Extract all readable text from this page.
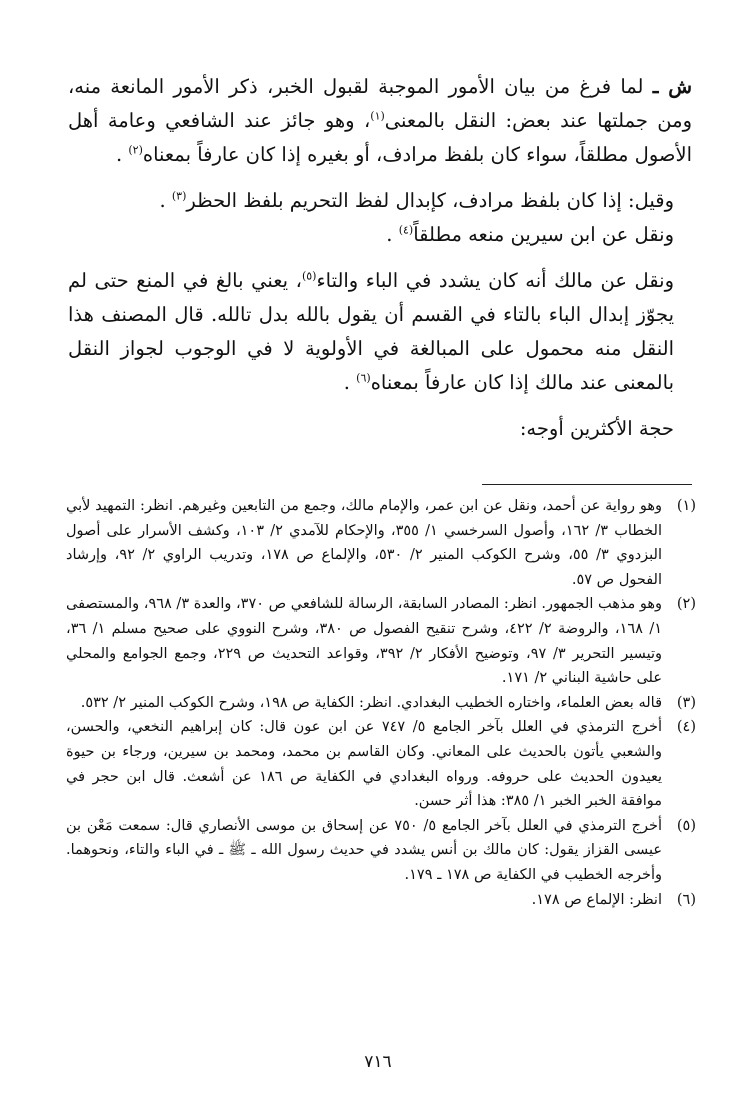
ش ـ لما فرغ من بيان الأمور الموجبة لقبول الخبر، ذكر الأمور المانعة منه، ومن جملتها عند بعض: النقل بالمعنى$^{(١)}$، وهو جائز عند الشافعي وعامة أهل الأصول مطلقاً، سواء كان بلفظ مرادف، أو بغيره إذا كان عارفاً بمعناه$^{(٢)}$ .

وقيل: إذا كان بلفظ مرادف، كإبدال لفظ التحريم بلفظ الحظر$^{(٣)}$ .

ونقل عن ابن سيرين منعه مطلقاً$^{(٤)}$ .

ونقل عن مالك أنه كان يشدد في الباء والتاء$^{(٥)}$، يعني بالغ في المنع حتى لم يجوّز إبدال الباء بالتاء في القسم أن يقول بالله بدل تالله. قال المصنف هذا النقل منه محمول على المبالغة في الأولوية لا في الوجوب لجواز النقل بالمعنى عند مالك إذا كان عارفاً بمعناه$^{(٦)}$ .

حجة الأكثرين أوجه:

(١)
وهو رواية عن أحمد، ونقل عن ابن عمر، والإمام مالك، وجمع من التابعين وغيرهم. انظر: التمهيد لأبي الخطاب ٣/ ١٦٢، وأصول السرخسي ١/ ٣٥٥، والإحكام للآمدي ٢/ ١٠٣، وكشف الأسرار على أصول البزدوي ٣/ ٥٥، وشرح الكوكب المنير ٢/ ٥٣٠، والإلماع ص ١٧٨، وتدريب الراوي ٢/ ٩٢، وإرشاد الفحول ص ٥٧.
(٢)
وهو مذهب الجمهور. انظر: المصادر السابقة، الرسالة للشافعي ص ٣٧٠، والعدة ٣/ ٩٦٨، والمستصفى ١/ ١٦٨، والروضة ٢/ ٤٢٢، وشرح تنقيح الفصول ص ٣٨٠، وشرح النووي على صحيح مسلم ١/ ٣٦، وتيسير التحرير ٣/ ٩٧، وتوضيح الأفكار ٢/ ٣٩٢، وقواعد التحديث ص ٢٢٩، وجمع الجوامع والمحلي على حاشية البناني ٢/ ١٧١.
(٣)
قاله بعض العلماء، واختاره الخطيب البغدادي. انظر: الكفاية ص ١٩٨، وشرح الكوكب المنير ٢/ ٥٣٢.
(٤)
أخرج الترمذي في العلل بآخر الجامع ٥/ ٧٤٧ عن ابن عون قال: كان إبراهيم النخعي، والحسن، والشعبي يأتون بالحديث على المعاني. وكان القاسم بن محمد، ومحمد بن سيرين، ورجاء بن حيوة يعيدون الحديث على حروفه. ورواه البغدادي في الكفاية ص ١٨٦ عن أشعث. قال ابن حجر في موافقة الخبر الخبر ١/ ٣٨٥: هذا أثر حسن.
(٥)
أخرج الترمذي في العلل بآخر الجامع ٥/ ٧٥٠ عن إسحاق بن موسى الأنصاري قال: سمعت مَعْن بن عيسى القزاز يقول: كان مالك بن أنس يشدد في حديث رسول الله ـ ﷺ ـ في الباء والتاء، ونحوهما. وأخرجه الخطيب في الكفاية ص ١٧٨ ـ ١٧٩.
(٦)
انظر: الإلماع ص ١٧٨.
٧١٦
